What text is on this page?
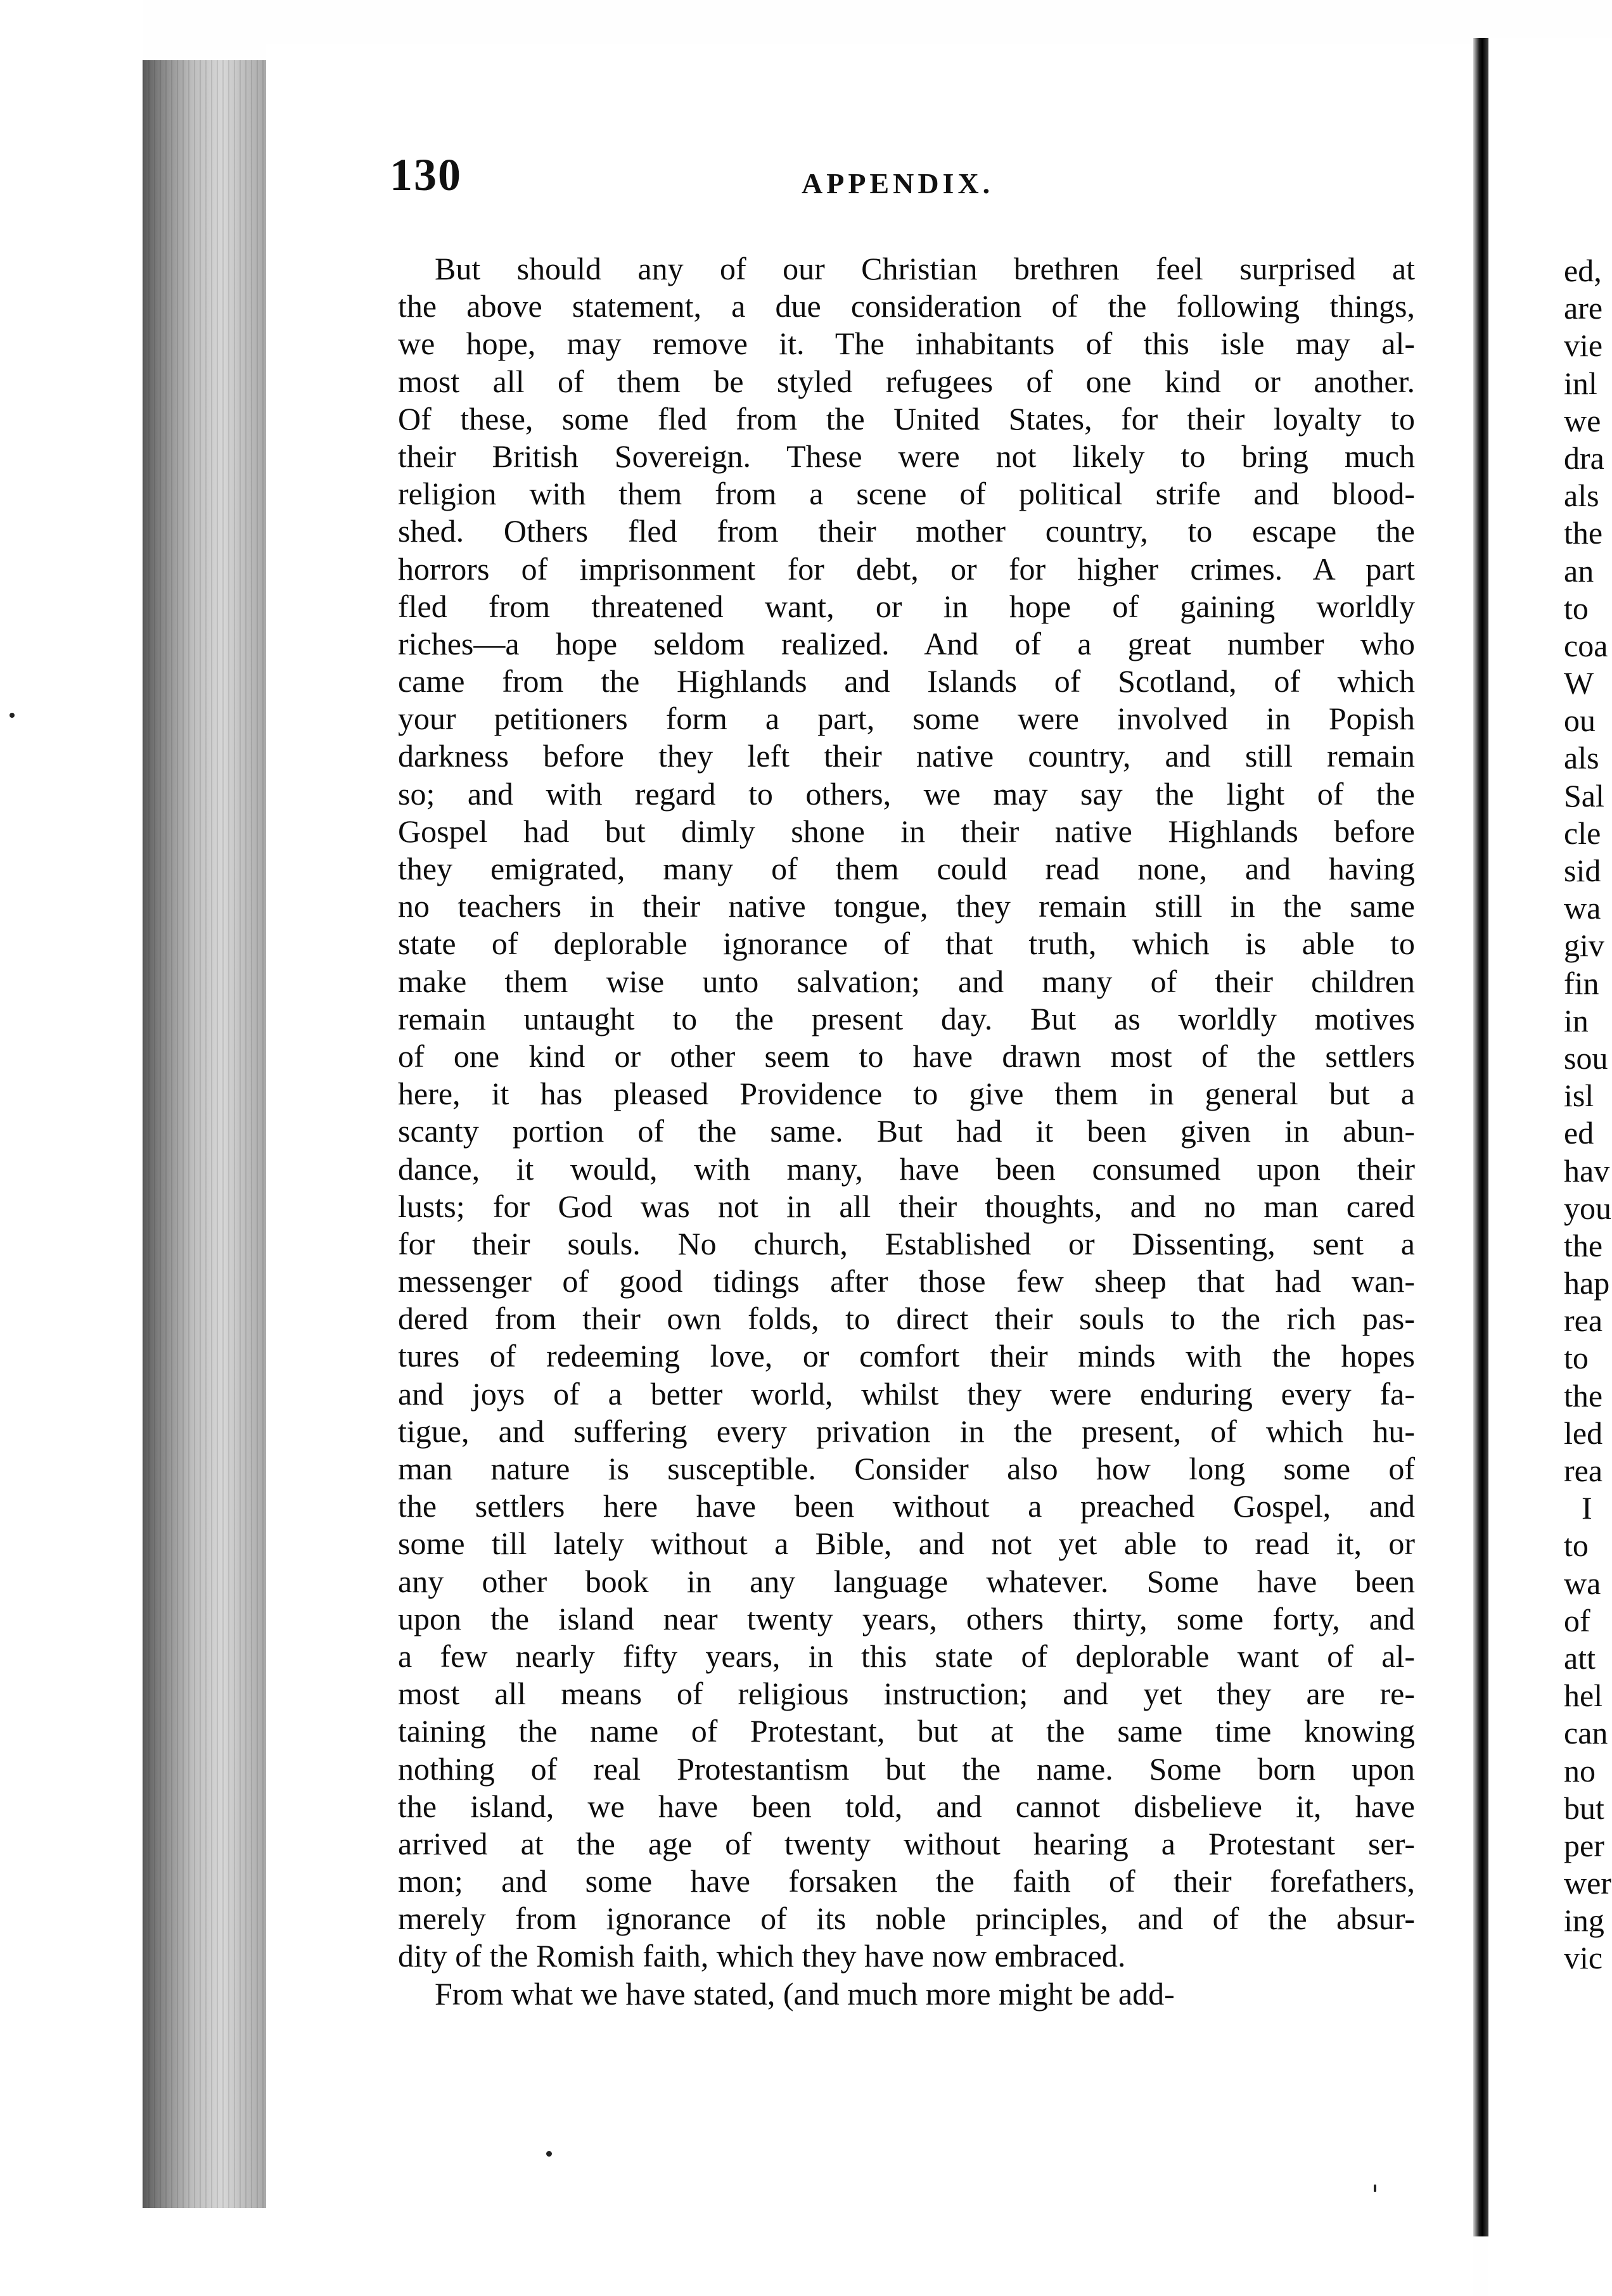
130	APPENDIX.
But should any of our Christian brethren feel surprised at
the above statement, a due consideration of the following things,
we hope, may remove it. The inhabitants of this isle may al-
most all of them be styled refugees of one kind or another.
Of these, some fled from the United States, for their loyalty to
their British Sovereign. These were not likely to bring much
religion with them from a scene of political strife and blood-
shed. Others fled from their mother country, to escape the
horrors of imprisonment for debt, or for higher crimes. A part
fled from threatened want, or in hope of gaining worldly
riches—a hope seldom realized. And of a great number who
came from the Highlands and Islands of Scotland, of which
your petitioners form a part, some were involved in Popish
darkness before they left their native country, and still remain
so; and with regard to others, we may say the light of the
Gospel had but dimly shone in their native Highlands before
they emigrated, many of them could read none, and having
no teachers in their native tongue, they remain still in the same
state of deplorable ignorance of that truth, which is able to
make them wise unto salvation; and many of their children
remain untaught to the present day. But as worldly motives
of one kind or other seem to have drawn most of the settlers
here, it has pleased Providence to give them in general but a
scanty portion of the same. But had it been given in abun-
dance, it would, with many, have been consumed upon their
lusts; for God was not in all their thoughts, and no man cared
for their souls. No church, Established or Dissenting, sent a
messenger of good tidings after those few sheep that had wan-
dered from their own folds, to direct their souls to the rich pas-
tures of redeeming love, or comfort their minds with the hopes
and joys of a better world, whilst they were enduring every fa-
tigue, and suffering every privation in the present, of which hu-
man nature is susceptible. Consider also how long some of
the settlers here have been without a preached Gospel, and
some till lately without a Bible, and not yet able to read it, or
any other book in any language whatever. Some have been
upon the island near twenty years, others thirty, some forty, and
a few nearly fifty years, in this state of deplorable want of al-
most all means of religious instruction; and yet they are re-
taining the name of Protestant, but at the same time knowing
nothing of real Protestantism but the name. Some born upon
the island, we have been told, and cannot disbelieve it, have
arrived at the age of twenty without hearing a Protestant ser-
mon; and some have forsaken the faith of their forefathers,
merely from ignorance of its noble principles, and of the absur-
dity of the Romish faith, which they have now embraced.
From what we have stated, (and much more might be add-
ed,
are
vie
inl
we
dra
als
the
an
to
coa
W
ou
als
Sal
cle
sid
wa
giv
fin
in
sou
isl
ed
hav
you
the
hap
rea
to
the
led
rea
I
to
wa
of
att
hel
can
no
but
per
wer
ing
vic
